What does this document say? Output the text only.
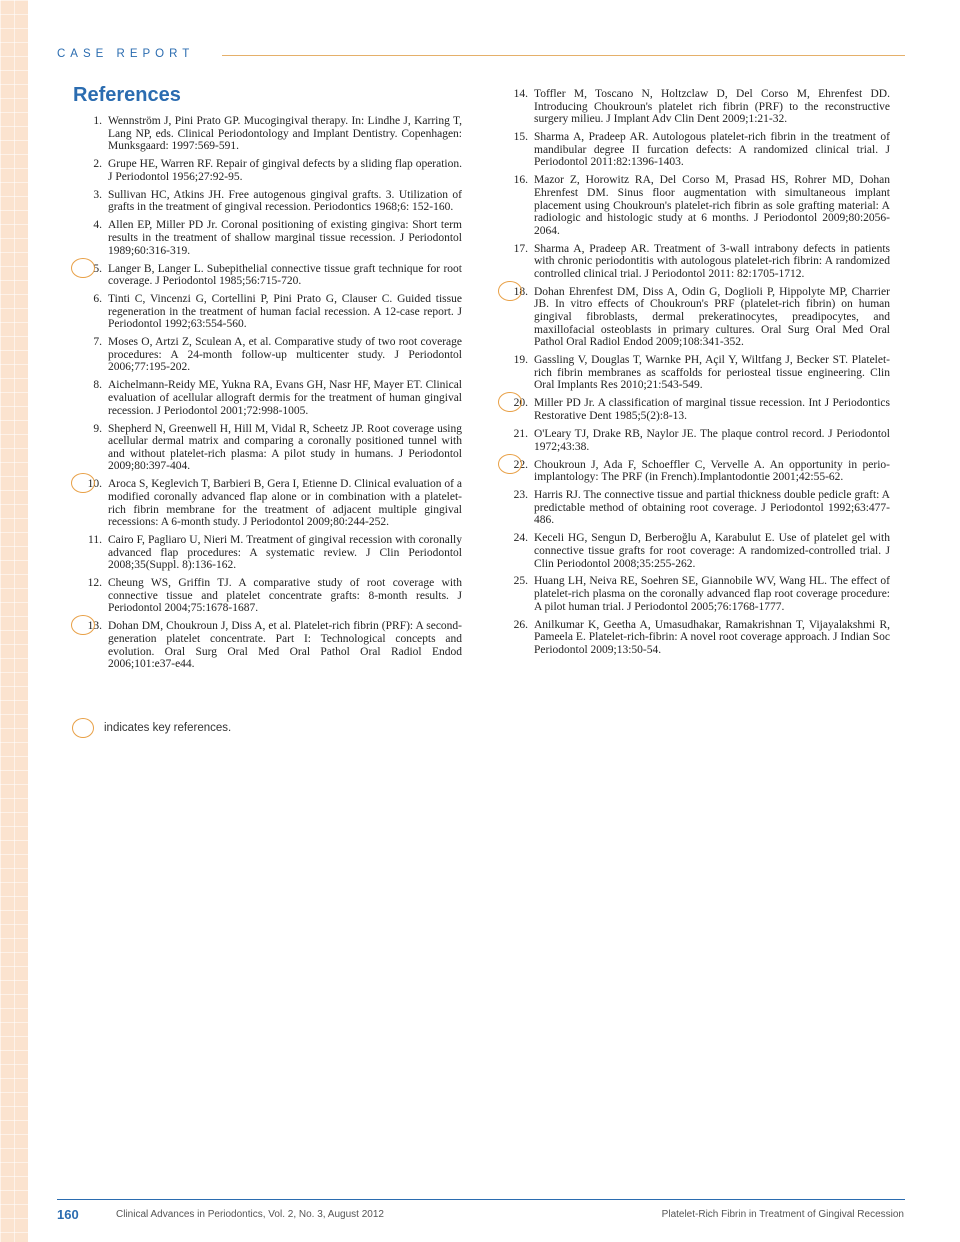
CASE REPORT
References
1. Wennström J, Pini Prato GP. Mucogingival therapy. In: Lindhe J, Karring T, Lang NP, eds. Clinical Periodontology and Implant Dentistry. Copenhagen: Munksgaard: 1997:569-591.
2. Grupe HE, Warren RF. Repair of gingival defects by a sliding flap operation. J Periodontol 1956;27:92-95.
3. Sullivan HC, Atkins JH. Free autogenous gingival grafts. 3. Utilization of grafts in the treatment of gingival recession. Periodontics 1968;6: 152-160.
4. Allen EP, Miller PD Jr. Coronal positioning of existing gingiva: Short term results in the treatment of shallow marginal tissue recession. J Periodontol 1989;60:316-319.
5. Langer B, Langer L. Subepithelial connective tissue graft technique for root coverage. J Periodontol 1985;56:715-720.
6. Tinti C, Vincenzi G, Cortellini P, Pini Prato G, Clauser C. Guided tissue regeneration in the treatment of human facial recession. A 12-case report. J Periodontol 1992;63:554-560.
7. Moses O, Artzi Z, Sculean A, et al. Comparative study of two root coverage procedures: A 24-month follow-up multicenter study. J Periodontol 2006;77:195-202.
8. Aichelmann-Reidy ME, Yukna RA, Evans GH, Nasr HF, Mayer ET. Clinical evaluation of acellular allograft dermis for the treatment of human gingival recession. J Periodontol 2001;72:998-1005.
9. Shepherd N, Greenwell H, Hill M, Vidal R, Scheetz JP. Root coverage using acellular dermal matrix and comparing a coronally positioned tunnel with and without platelet-rich plasma: A pilot study in humans. J Periodontol 2009;80:397-404.
10. Aroca S, Keglevich T, Barbieri B, Gera I, Etienne D. Clinical evaluation of a modified coronally advanced flap alone or in combination with a platelet-rich fibrin membrane for the treatment of adjacent multiple gingival recessions: A 6-month study. J Periodontol 2009;80:244-252.
11. Cairo F, Pagliaro U, Nieri M. Treatment of gingival recession with coronally advanced flap procedures: A systematic review. J Clin Periodontol 2008;35(Suppl. 8):136-162.
12. Cheung WS, Griffin TJ. A comparative study of root coverage with connective tissue and platelet concentrate grafts: 8-month results. J Periodontol 2004;75:1678-1687.
13. Dohan DM, Choukroun J, Diss A, et al. Platelet-rich fibrin (PRF): A second-generation platelet concentrate. Part I: Technological concepts and evolution. Oral Surg Oral Med Oral Pathol Oral Radiol Endod 2006;101:e37-e44.
14. Toffler M, Toscano N, Holtzclaw D, Del Corso M, Ehrenfest DD. Introducing Choukroun's platelet rich fibrin (PRF) to the reconstructive surgery milieu. J Implant Adv Clin Dent 2009;1:21-32.
15. Sharma A, Pradeep AR. Autologous platelet-rich fibrin in the treatment of mandibular degree II furcation defects: A randomized clinical trial. J Periodontol 2011:82:1396-1403.
16. Mazor Z, Horowitz RA, Del Corso M, Prasad HS, Rohrer MD, Dohan Ehrenfest DM. Sinus floor augmentation with simultaneous implant placement using Choukroun's platelet-rich fibrin as sole grafting material: A radiologic and histologic study at 6 months. J Periodontol 2009;80:2056-2064.
17. Sharma A, Pradeep AR. Treatment of 3-wall intrabony defects in patients with chronic periodontitis with autologous platelet-rich fibrin: A randomized controlled clinical trial. J Periodontol 2011: 82:1705-1712.
18. Dohan Ehrenfest DM, Diss A, Odin G, Doglioli P, Hippolyte MP, Charrier JB. In vitro effects of Choukroun's PRF (platelet-rich fibrin) on human gingival fibroblasts, dermal prekeratinocytes, preadipocytes, and maxillofacial osteoblasts in primary cultures. Oral Surg Oral Med Oral Pathol Oral Radiol Endod 2009;108:341-352.
19. Gassling V, Douglas T, Warnke PH, Açil Y, Wiltfang J, Becker ST. Platelet-rich fibrin membranes as scaffolds for periosteal tissue engineering. Clin Oral Implants Res 2010;21:543-549.
20. Miller PD Jr. A classification of marginal tissue recession. Int J Periodontics Restorative Dent 1985;5(2):8-13.
21. O'Leary TJ, Drake RB, Naylor JE. The plaque control record. J Periodontol 1972;43:38.
22. Choukroun J, Ada F, Schoeffler C, Vervelle A. An opportunity in perio-implantology: The PRF (in French).Implantodontie 2001;42:55-62.
23. Harris RJ. The connective tissue and partial thickness double pedicle graft: A predictable method of obtaining root coverage. J Periodontol 1992;63:477-486.
24. Keceli HG, Sengun D, Berberoğlu A, Karabulut E. Use of platelet gel with connective tissue grafts for root coverage: A randomized-controlled trial. J Clin Periodontol 2008;35:255-262.
25. Huang LH, Neiva RE, Soehren SE, Giannobile WV, Wang HL. The effect of platelet-rich plasma on the coronally advanced flap root coverage procedure: A pilot human trial. J Periodontol 2005;76:1768-1777.
26. Anilkumar K, Geetha A, Umasudhakar, Ramakrishnan T, Vijayalakshmi R, Pameela E. Platelet-rich-fibrin: A novel root coverage approach. J Indian Soc Periodontol 2009;13:50-54.
indicates key references.
160	Clinical Advances in Periodontics, Vol. 2, No. 3, August 2012	Platelet-Rich Fibrin in Treatment of Gingival Recession
